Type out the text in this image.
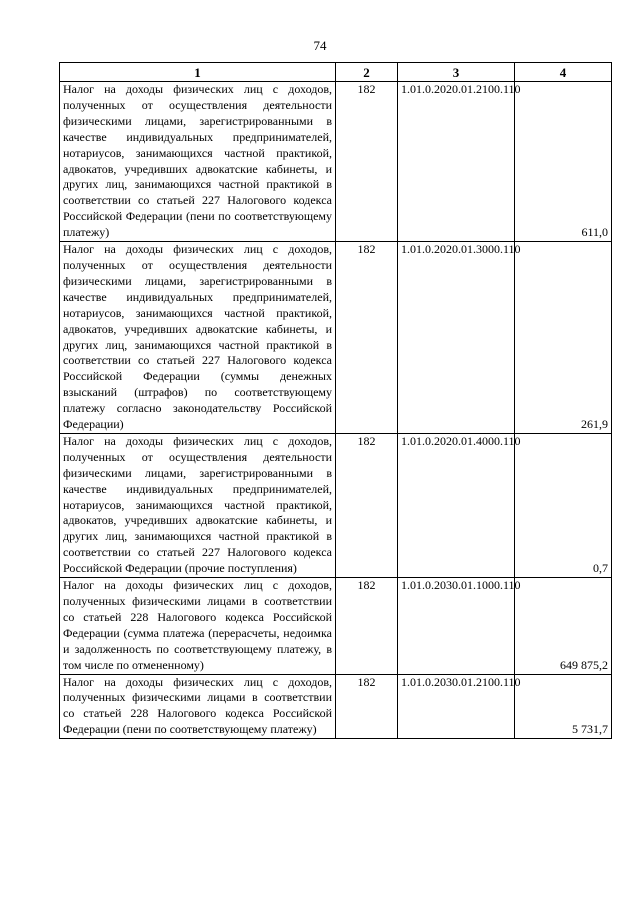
74
1	2	3	4
Налог на доходы физических лиц с доходов, полученных от осуществления деятельности физическими лицами, зарегистрированными в качестве индивидуальных предпринимателей, нотариусов, занимающихся частной практикой, адвокатов, учредивших адвокатские кабинеты, и других лиц, занимающихся частной практикой в соответствии со статьей 227 Налогового кодекса Российской Федерации (пени по соответствующему платежу)	182	1.01.0.2020.01.2100.110	611,0
Налог на доходы физических лиц с доходов, полученных от осуществления деятельности физическими лицами, зарегистрированными в качестве индивидуальных предпринимателей, нотариусов, занимающихся частной практикой, адвокатов, учредивших адвокатские кабинеты, и других лиц, занимающихся частной практикой в соответствии со статьей 227 Налогового кодекса Российской Федерации (суммы денежных взысканий (штрафов) по соответствующему платежу согласно законодательству Российской Федерации)	182	1.01.0.2020.01.3000.110	261,9
Налог на доходы физических лиц с доходов, полученных от осуществления деятельности физическими лицами, зарегистрированными в качестве индивидуальных предпринимателей, нотариусов, занимающихся частной практикой, адвокатов, учредивших адвокатские кабинеты, и других лиц, занимающихся частной практикой в соответствии со статьей 227 Налогового кодекса Российской Федерации (прочие поступления)	182	1.01.0.2020.01.4000.110	0,7
Налог на доходы физических лиц с доходов, полученных физическими лицами в соответствии со статьей 228 Налогового кодекса Российской Федерации (сумма платежа (перерасчеты, недоимка и задолженность по соответствующему платежу, в том числе по отмененному)	182	1.01.0.2030.01.1000.110	649 875,2
Налог на доходы физических лиц с доходов, полученных физическими лицами в соответствии со статьей 228 Налогового кодекса Российской Федерации (пени по соответствующему платежу)	182	1.01.0.2030.01.2100.110	5 731,7
